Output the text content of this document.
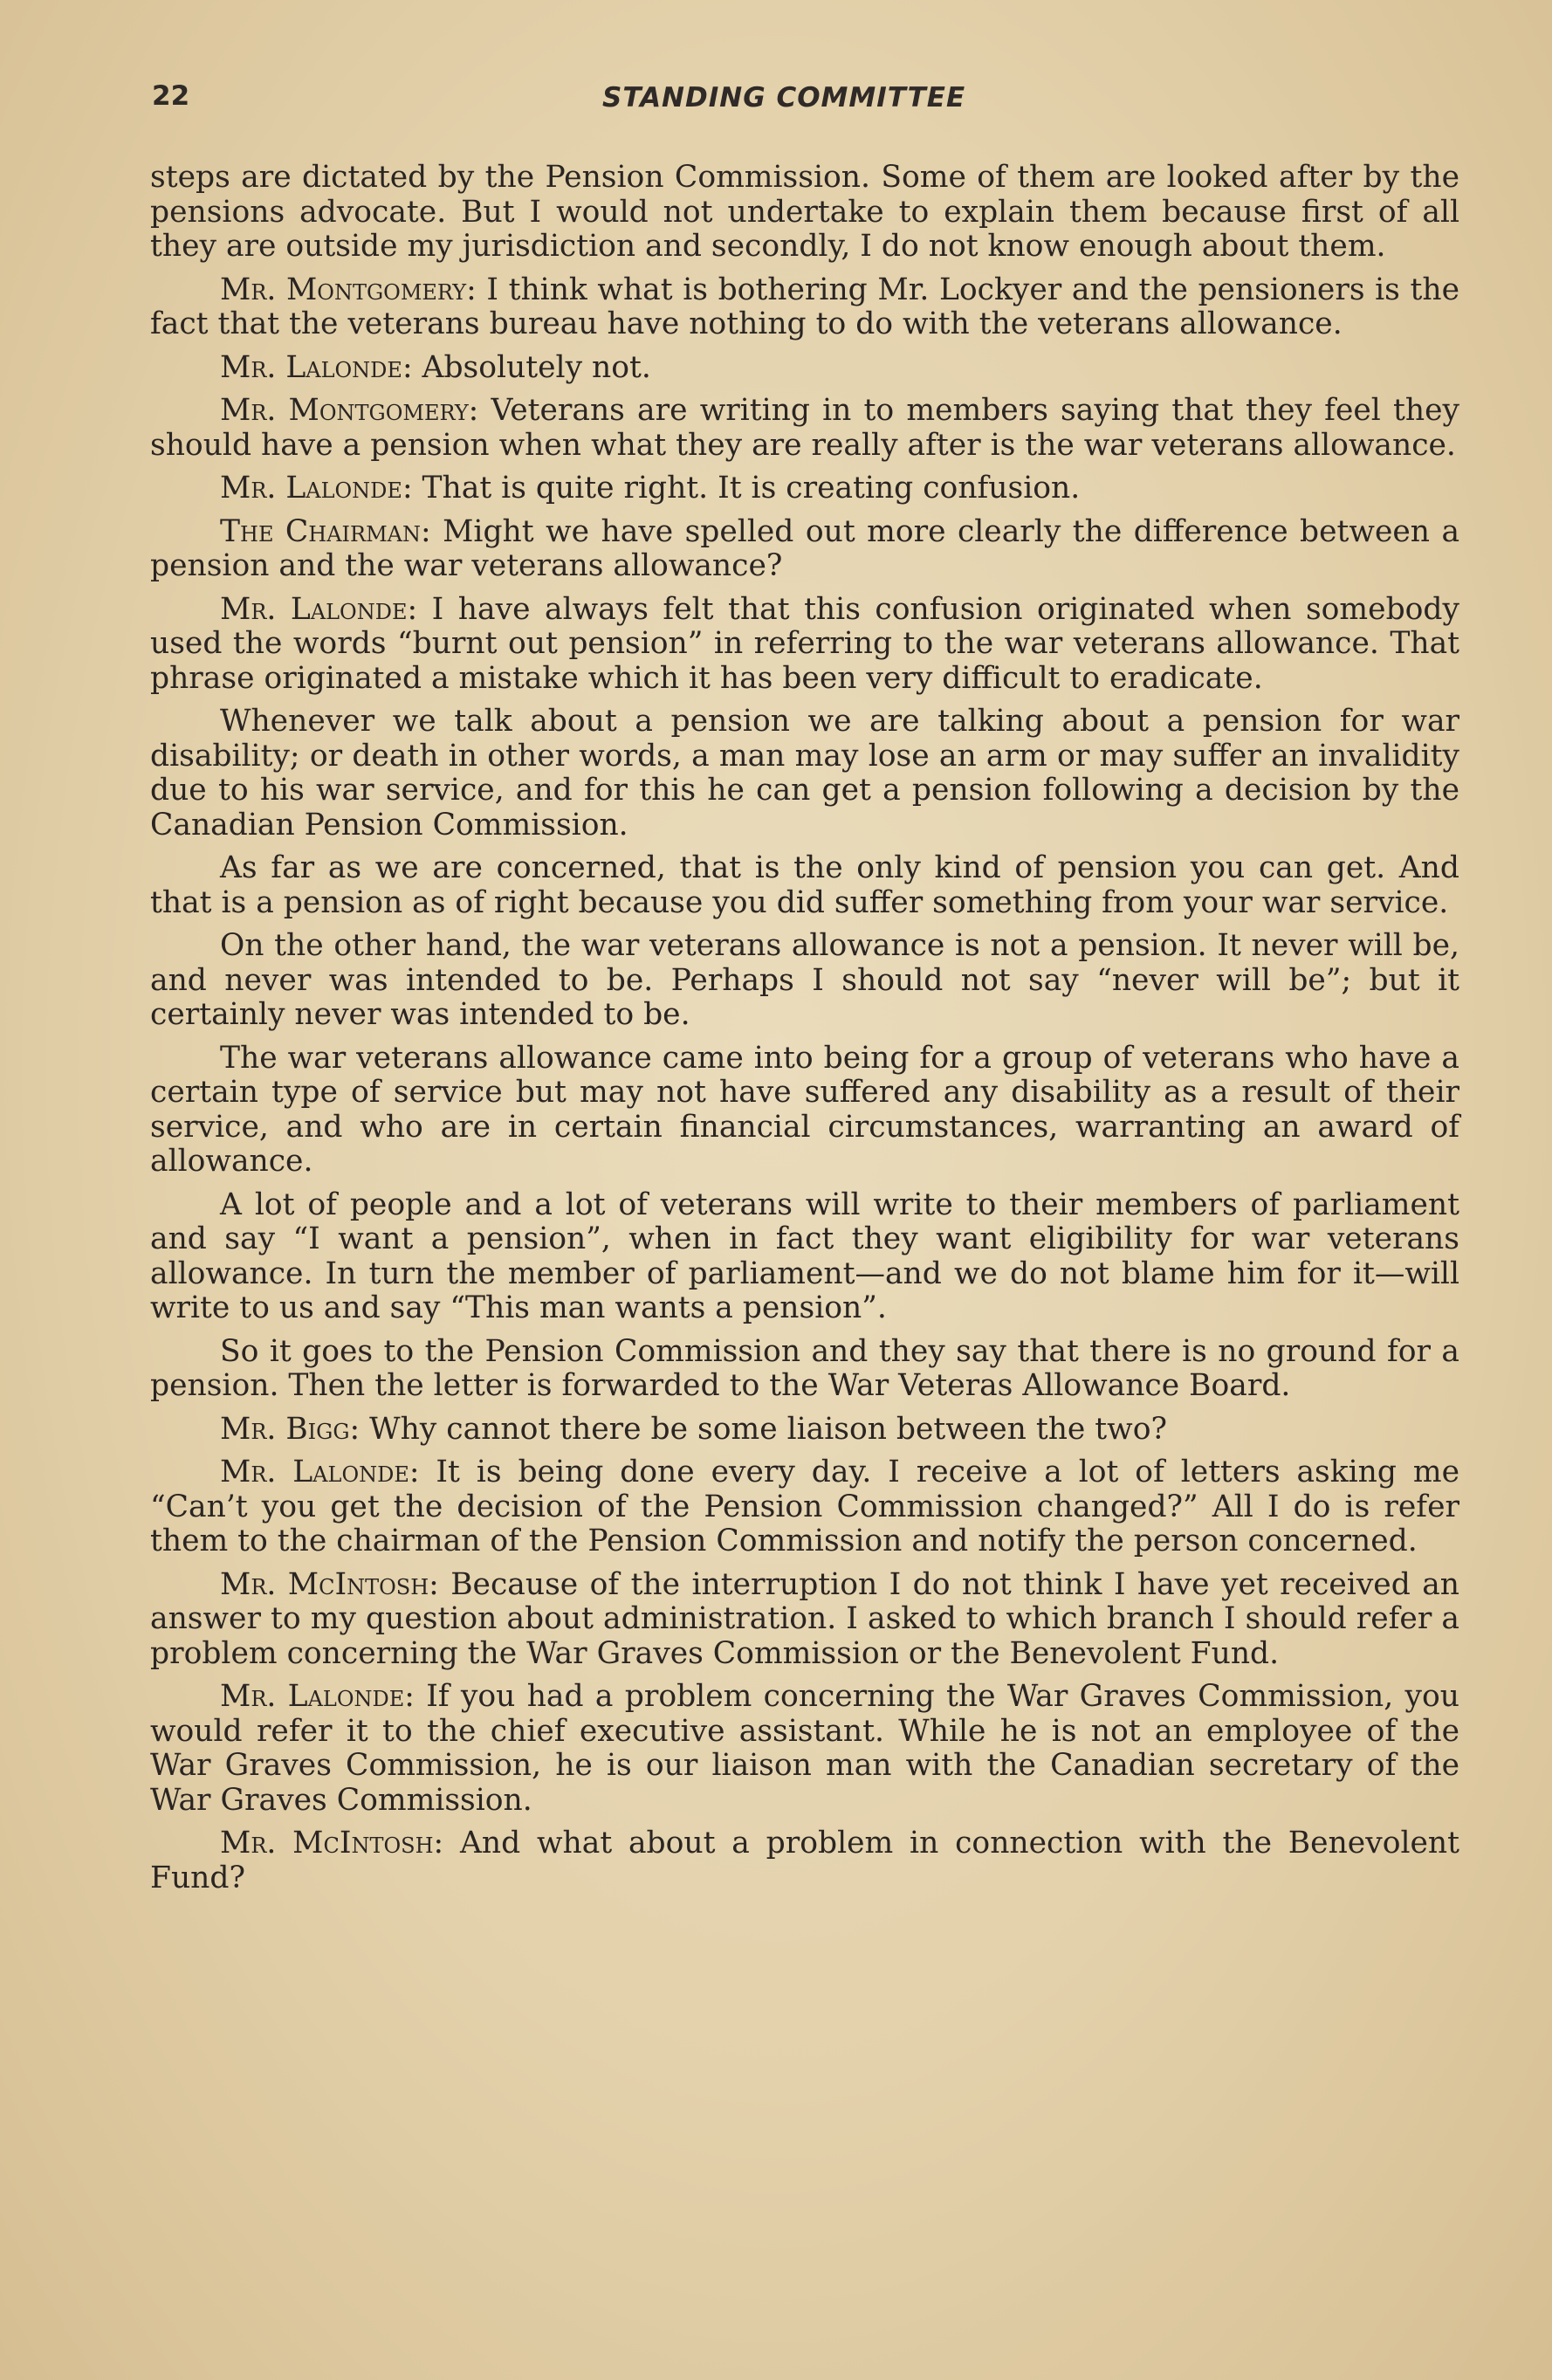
22	STANDING COMMITTEE

steps are dictated by the Pension Commission. Some of them are looked after by the pensions advocate. But I would not undertake to explain them because first of all they are outside my jurisdiction and secondly, I do not know enough about them.

Mr. Montgomery: I think what is bothering Mr. Lockyer and the pensioners is the fact that the veterans bureau have nothing to do with the veterans allowance.

Mr. Lalonde: Absolutely not.

Mr. Montgomery: Veterans are writing in to members saying that they feel they should have a pension when what they are really after is the war veterans allowance.

Mr. Lalonde: That is quite right. It is creating confusion.

The Chairman: Might we have spelled out more clearly the difference between a pension and the war veterans allowance?

Mr. Lalonde: I have always felt that this confusion originated when somebody used the words “burnt out pension” in referring to the war veterans allowance. That phrase originated a mistake which it has been very difficult to eradicate.

Whenever we talk about a pension we are talking about a pension for war disability; or death in other words, a man may lose an arm or may suffer an invalidity due to his war service, and for this he can get a pension following a decision by the Canadian Pension Commission.

As far as we are concerned, that is the only kind of pension you can get. And that is a pension as of right because you did suffer something from your war service.

On the other hand, the war veterans allowance is not a pension. It never will be, and never was intended to be. Perhaps I should not say “never will be”; but it certainly never was intended to be.

The war veterans allowance came into being for a group of veterans who have a certain type of service but may not have suffered any disability as a result of their service, and who are in certain financial circumstances, warranting an award of allowance.

A lot of people and a lot of veterans will write to their members of parliament and say “I want a pension”, when in fact they want eligibility for war veterans allowance. In turn the member of parliament—and we do not blame him for it—will write to us and say “This man wants a pension”.

So it goes to the Pension Commission and they say that there is no ground for a pension. Then the letter is forwarded to the War Veteras Allowance Board.

Mr. Bigg: Why cannot there be some liaison between the two?

Mr. Lalonde: It is being done every day. I receive a lot of letters asking me “Can’t you get the decision of the Pension Commission changed?” All I do is refer them to the chairman of the Pension Commission and notify the person concerned.

Mr. McIntosh: Because of the interruption I do not think I have yet received an answer to my question about administration. I asked to which branch I should refer a problem concerning the War Graves Commission or the Benevolent Fund.

Mr. Lalonde: If you had a problem concerning the War Graves Commission, you would refer it to the chief executive assistant. While he is not an employee of the War Graves Commission, he is our liaison man with the Canadian secretary of the War Graves Commission.

Mr. McIntosh: And what about a problem in connection with the Benevolent Fund?
